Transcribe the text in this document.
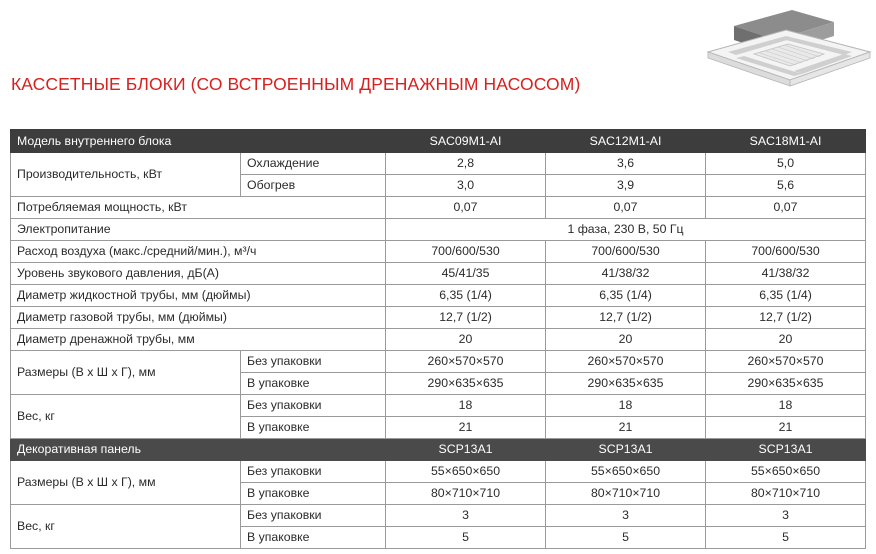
КАССЕТНЫЕ БЛОКИ (СО ВСТРОЕННЫМ ДРЕНАЖНЫМ НАСОСОМ)
Модель внутреннего блока		SAC09M1-AI	SAC12M1-AI	SAC18M1-AI
Производительность, кВт	Охлаждение	2,8	3,6	5,0
	Обогрев	3,0	3,9	5,6
Потребляемая мощность, кВт		0,07	0,07	0,07
Электропитание		1 фаза, 230 В, 50 Гц		
Расход воздуха (макс./средний/мин.), м³/ч		700/600/530	700/600/530	700/600/530
Уровень звукового давления, дБ(А)		45/41/35	41/38/32	41/38/32
Диаметр жидкостной трубы, мм (дюймы)		6,35 (1/4)	6,35 (1/4)	6,35 (1/4)
Диаметр газовой трубы, мм (дюймы)		12,7 (1/2)	12,7 (1/2)	12,7 (1/2)
Диаметр дренажной трубы, мм		20	20	20
Размеры (В х Ш х Г), мм	Без упаковки	260×570×570	260×570×570	260×570×570
	В упаковке	290×635×635	290×635×635	290×635×635
Вес, кг	Без упаковки	18	18	18
	В упаковке	21	21	21
Декоративная панель		SCP13A1	SCP13A1	SCP13A1
Размеры (В х Ш х Г), мм	Без упаковки	55×650×650	55×650×650	55×650×650
	В упаковке	80×710×710	80×710×710	80×710×710
Вес, кг	Без упаковки	3	3	3
	В упаковке	5	5	5
